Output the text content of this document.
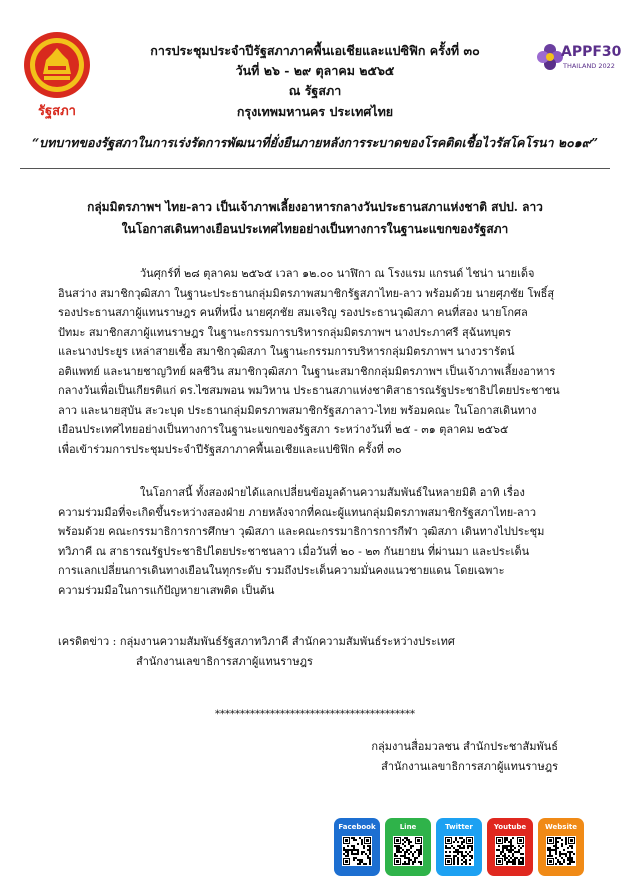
รัฐสภา
APPF30
THAILAND 2022
การประชุมประจำปีรัฐสภาภาคพื้นเอเชียและแปซิฟิก ครั้งที่ ๓๐
วันที่ ๒๖ - ๒๙ ตุลาคม ๒๕๖๕
ณ รัฐสภา
กรุงเทพมหานคร ประเทศไทย
“บทบาทของรัฐสภาในการเร่งรัดการพัฒนาที่ยั่งยืนภายหลังการระบาดของโรคติดเชื้อไวรัสโคโรนา ๒๐๑๙”
กลุ่มมิตรภาพฯ ไทย-ลาว เป็นเจ้าภาพเลี้ยงอาหารกลางวันประธานสภาแห่งชาติ สปป. ลาว
ในโอกาสเดินทางเยือนประเทศไทยอย่างเป็นทางการในฐานะแขกของรัฐสภา
วันศุกร์ที่ ๒๘ ตุลาคม ๒๕๖๕ เวลา ๑๒.๐๐ นาฬิกา ณ โรงแรม แกรนด์ ไชน่า นายเด็จ
อินสว่าง สมาชิกวุฒิสภา ในฐานะประธานกลุ่มมิตรภาพสมาชิกรัฐสภาไทย-ลาว พร้อมด้วย นายศุภชัย โพธิ์สุ
รองประธานสภาผู้แทนราษฎร คนที่หนึ่ง นายศุภชัย สมเจริญ รองประธานวุฒิสภา คนที่สอง นายโกศล
ปัทมะ สมาชิกสภาผู้แทนราษฎร ในฐานะกรรมการบริหารกลุ่มมิตรภาพฯ นางประภาศรี สุฉันทบุตร
และนางประยูร เหล่าสายเชื้อ สมาชิกวุฒิสภา ในฐานะกรรมการบริหารกลุ่มมิตรภาพฯ นางวรารัตน์
อติแพทย์ และนายชาญวิทย์ ผลชีวิน สมาชิกวุฒิสภา ในฐานะสมาชิกกลุ่มมิตรภาพฯ เป็นเจ้าภาพเลี้ยงอาหาร
กลางวันเพื่อเป็นเกียรติแก่ ดร.ไซสมพอน พมวิหาน ประธานสภาแห่งชาติสาธารณรัฐประชาธิปไตยประชาชน
ลาว และนายสุบัน สะวะบุด ประธานกลุ่มมิตรภาพสมาชิกรัฐสภาลาว-ไทย พร้อมคณะ ในโอกาสเดินทาง
เยือนประเทศไทยอย่างเป็นทางการในฐานะแขกของรัฐสภา ระหว่างวันที่ ๒๕ - ๓๑ ตุลาคม ๒๕๖๕
เพื่อเข้าร่วมการประชุมประจำปีรัฐสภาภาคพื้นเอเชียและแปซิฟิก ครั้งที่ ๓๐
ในโอกาสนี้ ทั้งสองฝ่ายได้แลกเปลี่ยนข้อมูลด้านความสัมพันธ์ในหลายมิติ อาทิ เรื่อง
ความร่วมมือที่จะเกิดขึ้นระหว่างสองฝ่าย ภายหลังจากที่คณะผู้แทนกลุ่มมิตรภาพสมาชิกรัฐสภาไทย-ลาว
พร้อมด้วย คณะกรรมาธิการการศึกษา วุฒิสภา และคณะกรรมาธิการการกีฬา วุฒิสภา เดินทางไปประชุม
ทวิภาคี ณ สาธารณรัฐประชาธิปไตยประชาชนลาว เมื่อวันที่ ๒๐ - ๒๓ กันยายน ที่ผ่านมา และประเด็น
การแลกเปลี่ยนการเดินทางเยือนในทุกระดับ รวมถึงประเด็นความมั่นคงแนวชายแดน โดยเฉพาะ
ความร่วมมือในการแก้ปัญหายาเสพติด เป็นต้น
เครดิตข่าว : กลุ่มงานความสัมพันธ์รัฐสภาทวิภาคี สำนักความสัมพันธ์ระหว่างประเทศ
สำนักงานเลขาธิการสภาผู้แทนราษฎร
****************************************
กลุ่มงานสื่อมวลชน สำนักประชาสัมพันธ์
สำนักงานเลขาธิการสภาผู้แทนราษฎร
Facebook	Line	Twitter	Youtube	Website
